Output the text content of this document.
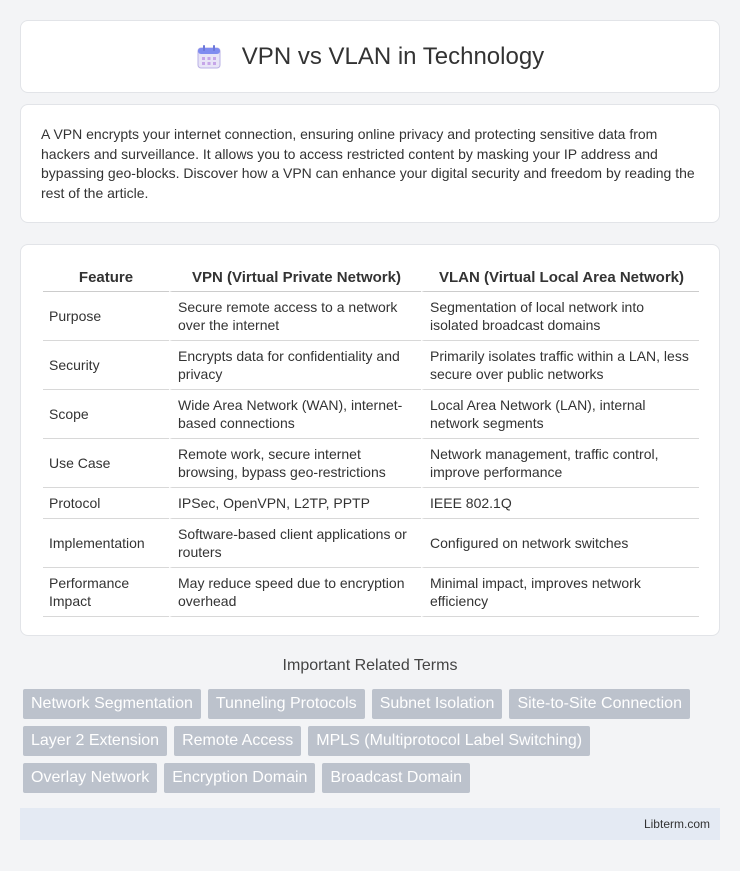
VPN vs VLAN in Technology

A VPN encrypts your internet connection, ensuring online privacy and protecting sensitive data from hackers and surveillance. It allows you to access restricted content by masking your IP address and bypassing geo-blocks. Discover how a VPN can enhance your digital security and freedom by reading the rest of the article.

Feature	VPN (Virtual Private Network)	VLAN (Virtual Local Area Network)
Purpose	Secure remote access to a network over the internet	Segmentation of local network into isolated broadcast domains
Security	Encrypts data for confidentiality and privacy	Primarily isolates traffic within a LAN, less secure over public networks
Scope	Wide Area Network (WAN), internet-based connections	Local Area Network (LAN), internal network segments
Use Case	Remote work, secure internet browsing, bypass geo-restrictions	Network management, traffic control, improve performance
Protocol	IPSec, OpenVPN, L2TP, PPTP	IEEE 802.1Q
Implementation	Software-based client applications or routers	Configured on network switches
Performance Impact	May reduce speed due to encryption overhead	Minimal impact, improves network efficiency
Important Related Terms
Network Segmentation	Tunneling Protocols	Subnet Isolation	Site-to-Site Connection
Layer 2 Extension	Remote Access	MPLS (Multiprotocol Label Switching)
Overlay Network	Encryption Domain	Broadcast Domain
Libterm.com
